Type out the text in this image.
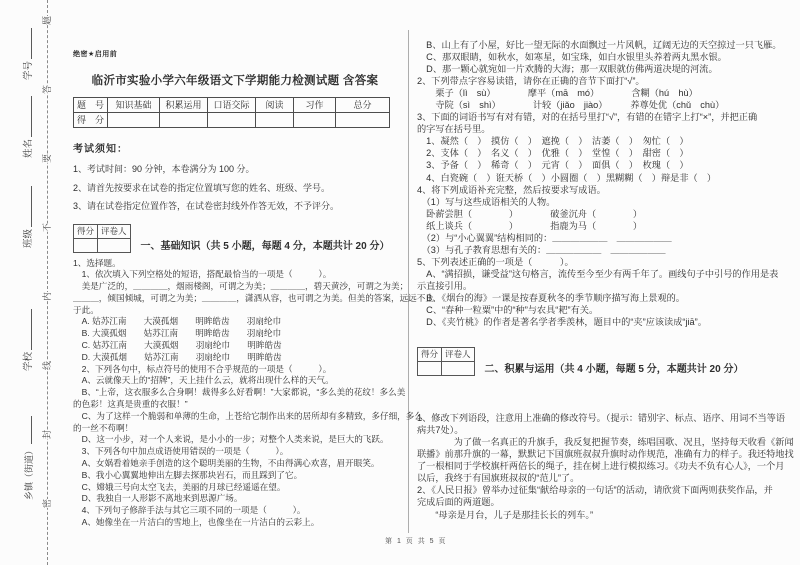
密
封
线
内
不
要
答
题
学号
姓名
班级
学校
乡镇（街道）
绝密★启用前
临沂市实验小学六年级语文下学期能力检测试题 含答案
题　号	知识基础	积累运用	口语交际	阅读	习作	总分
得　分						
考试须知：
1、考试时间：90 分钟，本卷满分为 100 分。
2、请首先按要求在试卷的指定位置填写您的姓名、班级、学号。
3、请在试卷指定位置作答，在试卷密封线外作答无效，不予评分。
得分	评卷人

一、基础知识（共 5 小题，每题 4 分，本题共计 20 分）
1、选择题。
　1、依次填入下列空格处的短语，搭配最恰当的一项是（　　　）。
　美是广泛的，＿＿＿＿，烟雨楼阁，可谓之为美；＿＿＿＿，碧天黄沙，可谓之为美；
＿＿＿，倾国倾城，可谓之为美；＿＿＿＿，潇洒从容，也可谓之为美。但美的答案，远远不止
于此。
　A. 姑苏江南　　大漠孤烟　　明眸皓齿　　羽扇纶巾
　B. 大漠孤烟　　姑苏江南　　明眸皓齿　　羽扇纶巾
　C. 姑苏江南　　大漠孤烟　　羽扇纶巾　　明眸皓齿
　D. 大漠孤烟　　姑苏江南　　羽扇纶巾　　明眸皓齿
　2、下列各句中，标点符号的使用不合乎规范的一项是（　　　）。
　A、云就像天上的“招牌”，天上挂什么云，就将出现什么样的天气。
　B、“上帝，这衣服多么合身啊！裁得多么好看啊！”大家都说，“多么美的花纹！多么美
的色彩！这真是贵重的衣服！”
　C、为了这样一个脆弱和单薄的生命，上苍给它制作出来的居所却有多精致，多仔细，多么
的一丝不苟啊！
　D、这一小步，对一个人来说，是小小的一步；对整个人类来说，是巨大的飞跃。
　3、下列各句中加点成语使用错误的一项是（　　　）。
　A、女娲看着她亲手创造的这个聪明美丽的生物，不由得满心欢喜，眉开眼笑。
　B、我小心翼翼地伸出左脚去探那块岩石，而且踩到了它。
　C、嫦娥三号向太空飞去，美丽的月球已经遥遥在望。
　D、我独自一人形影不离地来到思源广场。
　4、下列句子修辞手法与其它三项不同的一项是（　　　）。
　A、她像坐在一片洁白的雪地上，也像坐在一片洁白的云彩上。
　B、山上有了小屋，好比一望无际的水面飘过一片风帆，辽阔无边的天空掠过一只飞雁。
　C、那双眼睛，如秋水，如寒星，如宝珠，如白水银里头养着两丸黑水银。
　D、那一颗心就宛如一片欢腾的大海；那一双眼就仿佛两道决堤的河流。
2、下列带点字容易读错，请你在正确的音节下面打“√”。
　　栗子（lì　sù）　　　　摩平（mā　mó）　　　　含糊（hú　hù）
　　寺院（sì　shì）　　　　计较（jiǎo　jiào）　　　养尊处优（chǔ　chù）
3、下面的词语书写有对有错，对的在括号里打“√”，有错的在错字上打“×”，并把正确
的字写在括号里。
　1、凝然（　）　摸仿（　）　遮挽（　）　沽萎（　）　匆忙（　）
　2、支体（　）　名义（　）　优雅（　）　堂惶（　）　甜密（　）
　3、予备（　）　稀奇（　）　元宵（　）　面俱（　）　枚瑰（　）
　4、白瓷碗（　）诳天桥（　）小圆圈（　）黑糊糊（　）辩是非（　）
4、将下列成语补充完整，然后按要求写成语。
　（1）写与这些成语相关的人物。
　卧薪尝胆（　　　　）　　　　破釜沉舟（　　　　）
　纸上谈兵（　　　　）　　　　指鹿为马（　　　　）
　（2）与“小心翼翼”结构相同的：＿＿＿＿＿＿　＿＿＿＿＿＿
　（3）与孔子教育思想有关的：＿＿＿＿＿＿　＿＿＿＿＿＿
5、下列表述正确的一项是（　　　）。
　A、“满招损，谦受益”这句格言，流传至今至少有两千年了。画线句子中引号的作用是表
示直接引用。
　B、《烟台的海》一课是按春夏秋冬的季节顺序描写海上景观的。
　C、“春种一粒粟”中的“种”与农具“耙”有关。
　D、《夹竹桃》的作者是著名学者季羡林，题目中的“夹”应该读成“jiā”。
得分	评卷人

二、积累与运用（共 4 小题，每题 5 分，本题共计 20 分）
1、修改下列语段，注意用上准确的修改符号。（提示：错别字、标点、语序、用词不当等语
病共7处）。
　　　　为了做一名真正的升旗手，我反复把握节奏，练唱国歌、况且，坚持每天收看《新闻
联播》前那升旗的一幕，默默记下国旗班叔叔升旗时动作规范，准确有力的样子。我还特地找
了一根相同于学校旗杆两倍长的绳子，挂在树上进行模拟练习。《功夫不负有心人》，一个月
以后，我终于有国旗班叔叔的“范儿”了。
2、《人民日报》曾举办过征集“献给母亲的一句话”的活动，请欣赏下面两则获奖作品，并
完成后面的两道题。
　　“母亲是月台，儿子是那挂长长的列车。”
第 1 页 共 5 页
